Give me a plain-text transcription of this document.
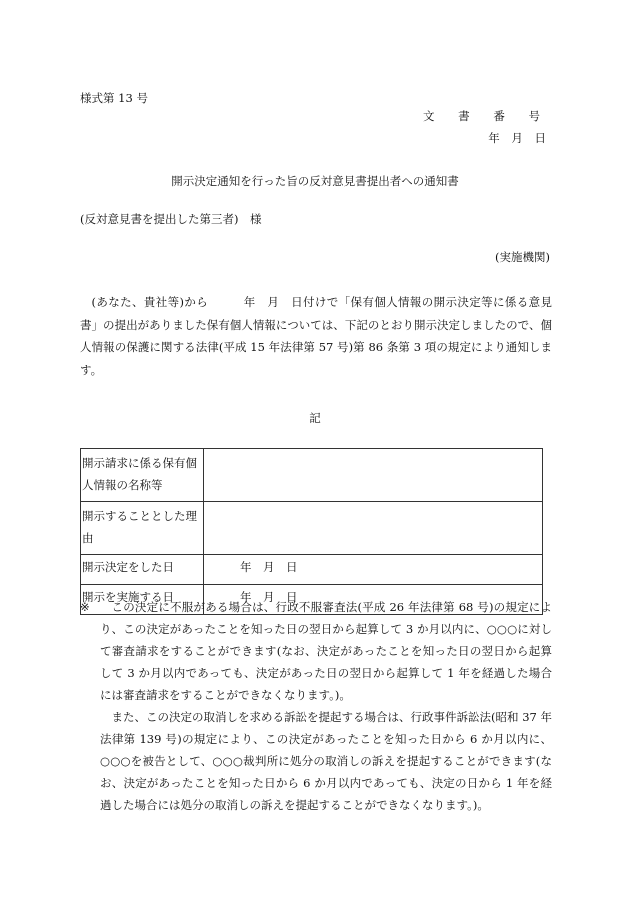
様式第 13 号
文 書 番 号
年 月 日
開示決定通知を行った旨の反対意見書提出者への通知書
(反対意見書を提出した第三者)　様
(実施機関)

(あなた、貴社等)から　　　年　月　日付けで「保有個人情報の開示決定等に係る意見書」の提出がありました保有個人情報については、下記のとおり開示決定しましたので、個人情報の保護に関する法律(平成 15 年法律第 57 号)第 86 条第 3 項の規定により通知します。

記
開示請求に係る保有個人情報の名称等	
開示することとした理由	
開示決定をした日	年　月　日
開示を実施する日	年　月　日
※	この決定に不服がある場合は、行政不服審査法(平成 26 年法律第 68 号)の規定により、この決定があったことを知った日の翌日から起算して 3 か月以内に、○○○に対して審査請求をすることができます(なお、決定があったことを知った日の翌日から起算して 3 か月以内であっても、決定があった日の翌日から起算して 1 年を経過した場合には審査請求をすることができなくなります。)。

また、この決定の取消しを求める訴訟を提起する場合は、行政事件訴訟法(昭和 37 年法律第 139 号)の規定により、この決定があったことを知った日から 6 か月以内に、○○○を被告として、○○○裁判所に処分の取消しの訴えを提起することができます(なお、決定があったことを知った日から 6 か月以内であっても、決定の日から 1 年を経過した場合には処分の取消しの訴えを提起することができなくなります。)。
